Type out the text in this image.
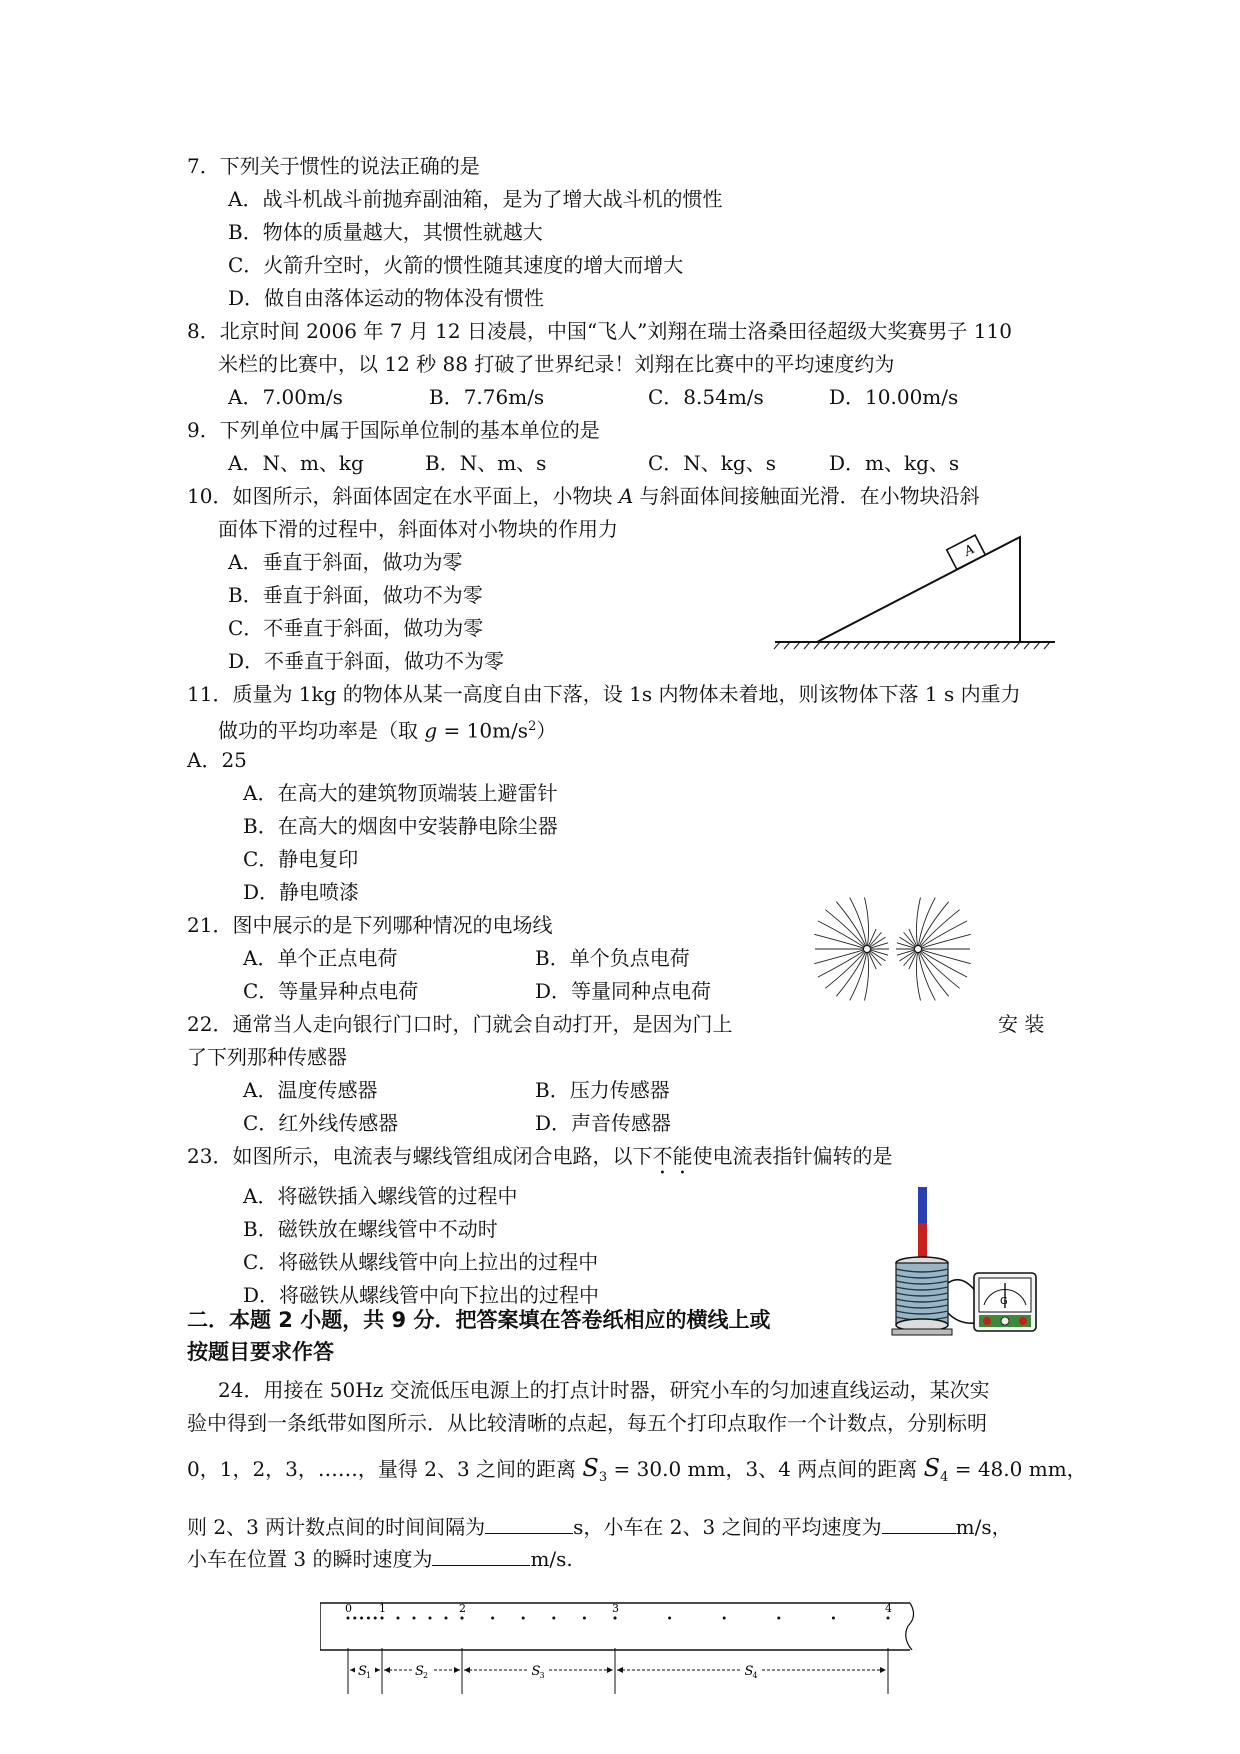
7．下列关于惯性的说法正确的是
A．战斗机战斗前抛弃副油箱，是为了增大战斗机的惯性
B．物体的质量越大，其惯性就越大
C．火箭升空时，火箭的惯性随其速度的增大而增大
D．做自由落体运动的物体没有惯性
8．北京时间 2006 年 7 月 12 日凌晨，中国“飞人”刘翔在瑞士洛桑田径超级大奖赛男子 110
米栏的比赛中，以 12 秒 88 打破了世界纪录！刘翔在比赛中的平均速度约为
A．7.00m/s	B．7.76m/s	C．8.54m/s	D．10.00m/s
9．下列单位中属于国际单位制的基本单位的是
A．N、m、kg	B．N、m、s	C．N、kg、s	D．m、kg、s
10．如图所示，斜面体固定在水平面上，小物块 A 与斜面体间接触面光滑．在小物块沿斜
面体下滑的过程中，斜面体对小物块的作用力
A．垂直于斜面，做功为零
B．垂直于斜面，做功不为零
C．不垂直于斜面，做功为零
D．不垂直于斜面，做功不为零
A
11．质量为 1kg 的物体从某一高度自由下落，设 1s 内物体未着地，则该物体下落 1 s 内重力
做功的平均功率是（取 $g = 10m/s^2$）
A．25
A．在高大的建筑物顶端装上避雷针
B．在高大的烟囱中安装静电除尘器
C．静电复印
D．静电喷漆
21．图中展示的是下列哪种情况的电场线
A．单个正点电荷	B．单个负点电荷
C．等量异种点电荷	D．等量同种点电荷
22．通常当人走向银行门口时，门就会自动打开，是因为门上	安 装
了下列那种传感器
A．温度传感器	B．压力传感器
C．红外线传感器	D．声音传感器
23．如图所示，电流表与螺线管组成闭合电路，以下不能使电流表指针偏转的是
A．将磁铁插入螺线管的过程中
B．磁铁放在螺线管中不动时
C．将磁铁从螺线管中向上拉出的过程中
D．将磁铁从螺线管中向下拉出的过程中	G
二．本题 2 小题，共 9 分．把答案填在答卷纸相应的横线上或
按题目要求作答
24．用接在 50Hz 交流低压电源上的打点计时器，研究小车的匀加速直线运动，某次实
验中得到一条纸带如图所示．从比较清晰的点起，每五个打印点取作一个计数点，分别标明
0，1，2，3，……，量得 2、3 之间的距离 $S_3 = 30.0$ mm，3、4 两点间的距离 $S_4 = 48.0$ mm，
则 2、3 两计数点间的时间间隔为	s，小车在 2、3 之间的平均速度为	m/s，
小车在位置 3 的瞬时速度为	m/s.
0 1	2	3	4
S 1	S 2	S 3	S 4
